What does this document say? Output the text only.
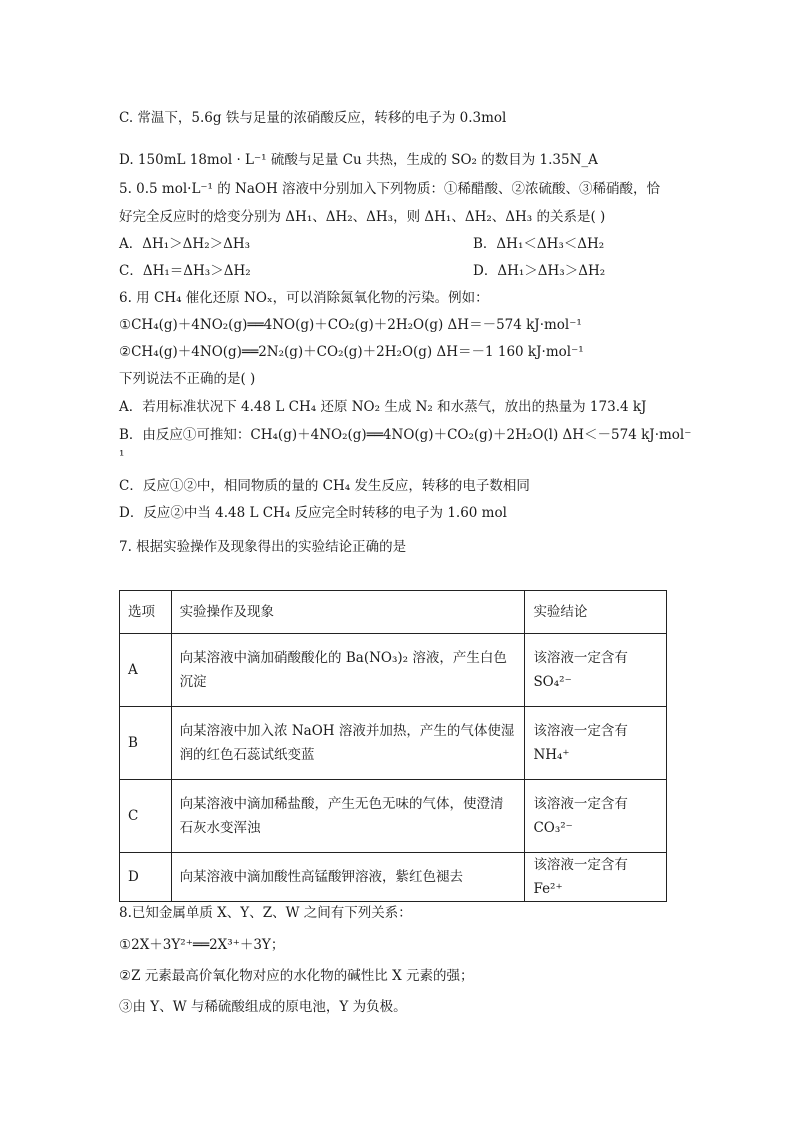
C. 常温下，5.6g 铁与足量的浓硝酸反应，转移的电子为 0.3mol
D. 150mL 18mol · L⁻¹ 硫酸与足量 Cu 共热，生成的 SO₂ 的数目为 1.35N_A
5. 0.5 mol·L⁻¹ 的 NaOH 溶液中分别加入下列物质：①稀醋酸、②浓硫酸、③稀硝酸，恰
好完全反应时的焓变分别为 ΔH₁、ΔH₂、ΔH₃，则 ΔH₁、ΔH₂、ΔH₃ 的关系是( )
A．ΔH₁＞ΔH₂＞ΔH₃	B．ΔH₁＜ΔH₃＜ΔH₂
C．ΔH₁＝ΔH₃＞ΔH₂	D．ΔH₁＞ΔH₃＞ΔH₂
6. 用 CH₄ 催化还原 NOₓ，可以消除氮氧化物的污染。例如：
①CH₄(g)＋4NO₂(g)══4NO(g)＋CO₂(g)＋2H₂O(g) ΔH＝－574 kJ·mol⁻¹
②CH₄(g)＋4NO(g)══2N₂(g)＋CO₂(g)＋2H₂O(g) ΔH＝－1 160 kJ·mol⁻¹
下列说法不正确的是( )
A．若用标准状况下 4.48 L CH₄ 还原 NO₂ 生成 N₂ 和水蒸气，放出的热量为 173.4 kJ
B．由反应①可推知：CH₄(g)＋4NO₂(g)══4NO(g)＋CO₂(g)＋2H₂O(l) ΔH＜－574 kJ·mol⁻
¹
C．反应①②中，相同物质的量的 CH₄ 发生反应，转移的电子数相同
D．反应②中当 4.48 L CH₄ 反应完全时转移的电子为 1.60 mol
7. 根据实验操作及现象得出的实验结论正确的是
选项	实验操作及现象	实验结论
A	向某溶液中滴加硝酸酸化的 Ba(NO₃)₂ 溶液，产生白色沉淀	该溶液一定含有 SO₄²⁻
B	向某溶液中加入浓 NaOH 溶液并加热，产生的气体使湿润的红色石蕊试纸变蓝	该溶液一定含有 NH₄⁺
C	向某溶液中滴加稀盐酸，产生无色无味的气体，使澄清石灰水变浑浊	该溶液一定含有 CO₃²⁻
D	向某溶液中滴加酸性高锰酸钾溶液，紫红色褪去	该溶液一定含有 Fe²⁺
8.已知金属单质 X、Y、Z、W 之间有下列关系：
①2X＋3Y²⁺══2X³⁺＋3Y；
②Z 元素最高价氧化物对应的水化物的碱性比 X 元素的强；
③由 Y、W 与稀硫酸组成的原电池，Y 为负极。
